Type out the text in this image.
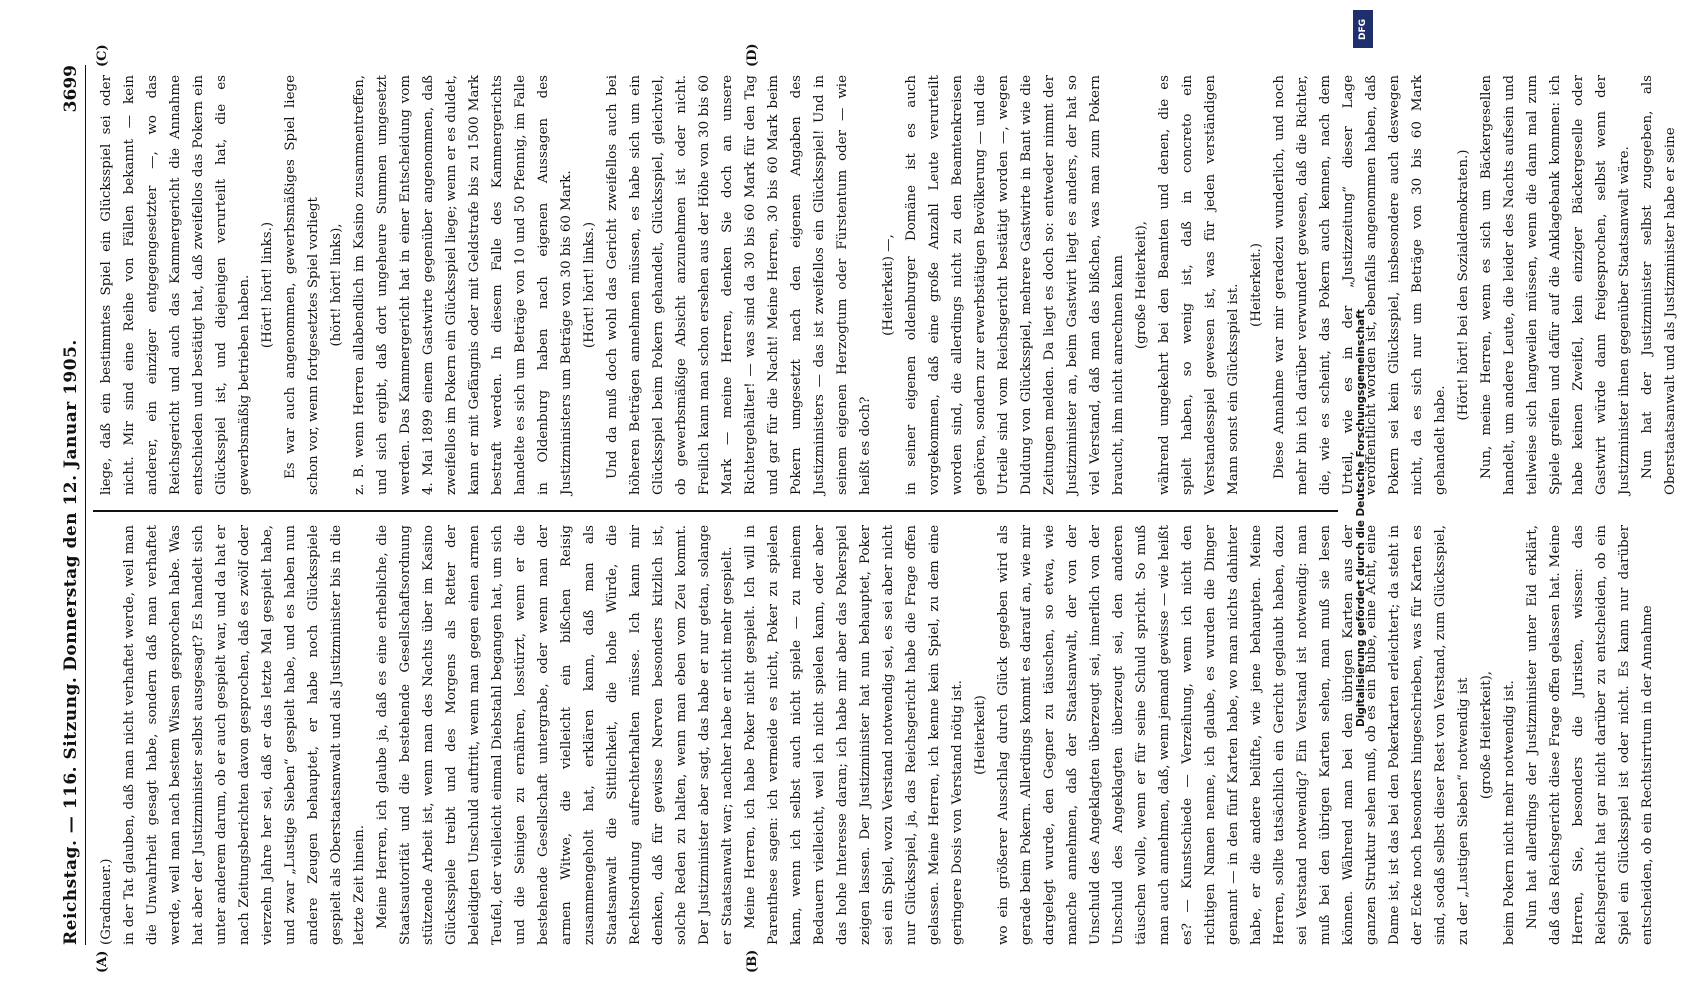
Reichstag. — 116. Sitzung.
Donnerstag den 12. Januar 1905.
3699
(A)	(B)
(C)	(D)

(Gradnauer.) in der Tat glauben, daß man nicht verhaftet werde, weil man die Unwahrheit gesagt habe, sondern daß man verhaftet werde, weil man nach bestem Wissen gesprochen habe. Was hat aber der Justizminister selbst ausgesagt? Es handelt sich unter anderem darum, ob er auch gespielt war, und da hat er nach Zeitungsberichten davon gesprochen, daß es zwölf oder vierzehn Jahre her sei, daß er das letzte Mal gespielt habe, und zwar „Lustige Sieben“ gespielt habe, und es haben nun andere Zeugen behauptet, er habe noch Glücksspiele gespielt als Oberstaatsanwalt und als Justizminister bis in die letzte Zeit hinein. Meine Herren, ich glaube ja, daß es eine erhebliche, die Staatsautorität und die bestehende Gesellschaftsordnung stützende Arbeit ist, wenn man des Nachts über im Kasino Glücksspiele treibt und des Morgens als Retter der beleidigten Unschuld auftritt, wenn man gegen einen armen Teufel, der vielleicht einmal Diebstahl begangen hat, um sich und die Seinigen zu ernähren, losstürzt, wenn er die bestehende Gesellschaft untergrabe, oder wenn man der armen Witwe, die vielleicht ein bißchen Reisig zusammengeholt hat, erklären kann, daß man als Staatsanwalt die Sittlichkeit, die hohe Würde, die Rechtsordnung aufrechterhalten müsse. Ich kann mir denken, daß für gewisse Nerven besonders kitzlich ist, solche Reden zu halten, wenn man eben vom Zeu kommt. Der Justizminister aber sagt, das habe er nur getan, solange er Staatsanwalt war; nachher habe er nicht mehr gespielt. Meine Herren, ich habe Poker nicht gespielt. Ich will in Parenthese sagen: ich vermeide es nicht, Poker zu spielen kann, wenn ich selbst auch nicht spiele — zu meinem Bedauern vielleicht, weil ich nicht spielen kann, oder aber das hohe Interesse daran; ich habe mir aber das Pokerspiel zeigen lassen. Der Justizminister hat nun behauptet, Poker sei ein Spiel, wozu Verstand notwendig sei, es sei aber nicht nur Glücksspiel, ja, das Reichsgericht habe die Frage offen gelassen. Meine Herren, ich kenne kein Spiel, zu dem eine geringere Dosis von Verstand nötig ist. (Heiterkeit) wo ein größerer Ausschlag durch Glück gegeben wird als gerade beim Pokern. Allerdings kommt es darauf an, wie mir dargelegt wurde, den Gegner zu täuschen, so etwa, wie manche annehmen, daß der Staatsanwalt, der von der Unschuld des Angeklagten überzeugt sei, innerlich von der Unschuld des Angeklagten überzeugt sei, den anderen täuschen wolle, wenn er für seine Schuld spricht. So muß man auch annehmen, daß, wenn jemand gewisse — wie heißt es? — Kunstschiede — Verzeihung, wenn ich nicht den richtigen Namen nenne, ich glaube, es wurden die Dinger genannt — in den fünf Karten habe, wo man nichts dahinter habe, er die andere belüfte, wie jene behaupten. Meine Herren, sollte tatsächlich ein Gericht geglaubt haben, dazu sei Verstand notwendig? Ein Verstand ist notwendig: man muß bei den übrigen Karten sehen, man muß sie lesen können. Während man bei den übrigen Karten aus der ganzen Struktur sehen muß, ob es ein Bube, eine Acht, eine Dame ist, ist das bei den Pokerkarten erleichtert; da steht in der Ecke noch besonders hingeschrieben, was für Karten es sind, sodaß selbst dieser Rest von Verstand, zum Glücksspiel, zu der „Lustigen Sieben“ notwendig ist (große Heiterkeit), beim Pokern nicht mehr notwendig ist. Nun hat allerdings der Justizminister unter Eid erklärt, daß das Reichsgericht diese Frage offen gelassen hat. Meine Herren, Sie, besonders die Juristen, wissen: das Reichsgericht hat gar nicht darüber zu entscheiden, ob ein Spiel ein Glücksspiel ist oder nicht. Es kann nur darüber entscheiden, ob ein Rechtsirrtum in der Annahme

liege, daß ein bestimmtes Spiel ein Glücksspiel sei oder nicht. Mir sind eine Reihe von Fällen bekannt — kein anderer, ein einziger entgegengesetzter —, wo das Reichsgericht und auch das Kammergericht die Annahme entschieden und bestätigt hat, daß zweifellos das Pokern ein Glücksspiel ist, und diejenigen verurteilt hat, die es gewerbsmäßig betrieben haben. (Hört! hört! links.) Es war auch angenommen, gewerbsmäßiges Spiel liege schon vor, wenn fortgesetztes Spiel vorliegt (hört! hört! links), z. B. wenn Herren allabendlich im Kasino zusammentreffen, und sich ergibt, daß dort ungeheure Summen umgesetzt werden. Das Kammergericht hat in einer Entscheidung vom 4. Mai 1899 einem Gastwirte gegenüber angenommen, daß zweifellos im Pokern ein Glücksspiel liege; wenn er es duldet, kann er mit Gefängnis oder mit Geldstrafe bis zu 1500 Mark bestraft werden. In diesem Falle des Kammergerichts handelte es sich um Beträge von 10 und 50 Pfennig, im Falle in Oldenburg haben nach eigenen Aussagen des Justizministers um Beträge von 30 bis 60 Mark. (Hört! hört! links.) Und da muß doch wohl das Gericht zweifellos auch bei höheren Beträgen annehmen müssen, es habe sich um ein Glücksspiel beim Pokern gehandelt, Glücksspiel, gleichviel, ob gewerbsmäßige Absicht anzunehmen ist oder nicht. Freilich kann man schon ersehen aus der Höhe von 30 bis 60 Mark — meine Herren, denken Sie doch an unsere Richtergehälter! — was sind da 30 bis 60 Mark für den Tag und gar für die Nacht! Meine Herren, 30 bis 60 Mark beim Pokern umgesetzt nach den eigenen Angaben des Justizministers — das ist zweifellos ein Glücksspiel! Und in seinem eigenen Herzogtum oder Fürstentum oder — wie heißt es doch?

(Heiterkeit) —, in seiner eigenen oldenburger Domäne ist es auch vorgekommen, daß eine große Anzahl Leute verurteilt worden sind, die allerdings nicht zu den Beamtenkreisen gehören, sondern zur erwerbstätigen Bevölkerung — und die Urteile sind vom Reichsgericht bestätigt worden —, wegen Duldung von Glücksspiel, mehrere Gastwirte in Bant wie die Zeitungen melden. Da liegt es doch so: entweder nimmt der Justizminister an, beim Gastwirt liegt es anders, der hat so viel Verstand, daß man das bißchen, was man zum Pokern braucht, ihm nicht anrechnen kann (große Heiterkeit), während umgekehrt bei den Beamten und denen, die es spielt haben, so wenig ist, daß in concreto ein Verstandesspiel gewesen ist, was für jeden verständigen Mann sonst ein Glücksspiel ist. (Heiterkeit.) Diese Annahme war mir geradezu wunderlich, und noch mehr bin ich darüber verwundert gewesen, daß die Richter, die, wie es scheint, das Pokern auch kennen, nach dem Urteil, wie es in der „Justizzeitung“ dieser Lage veröffentlicht worden ist, ebenfalls angenommen haben, daß Pokern sei kein Glücksspiel, insbesondere auch deswegen nicht, da es sich nur um Beträge von 30 bis 60 Mark gehandelt habe.

(Hört! hört! bei den Sozialdemokraten.) Nun, meine Herren, wenn es sich um Bäckergesellen handelt, um andere Leute, die leider des Nachts aufsein und teilweise sich langweilen müssen, wenn die dann mal zum Spiele greifen und dafür auf die Anklagebank kommen: ich habe keinen Zweifel, kein einziger Bäckergeselle oder Gastwirt würde dann freigesprochen, selbst wenn der Justizminister ihnen gegenüber Staatsanwalt wäre. Nun hat der Justizminister selbst zugegeben, als Oberstaatsanwalt und als Justizminister habe er seine

DFG
Digitalisierung gefördert durch die Deutsche Forschungsgemeinschaft
